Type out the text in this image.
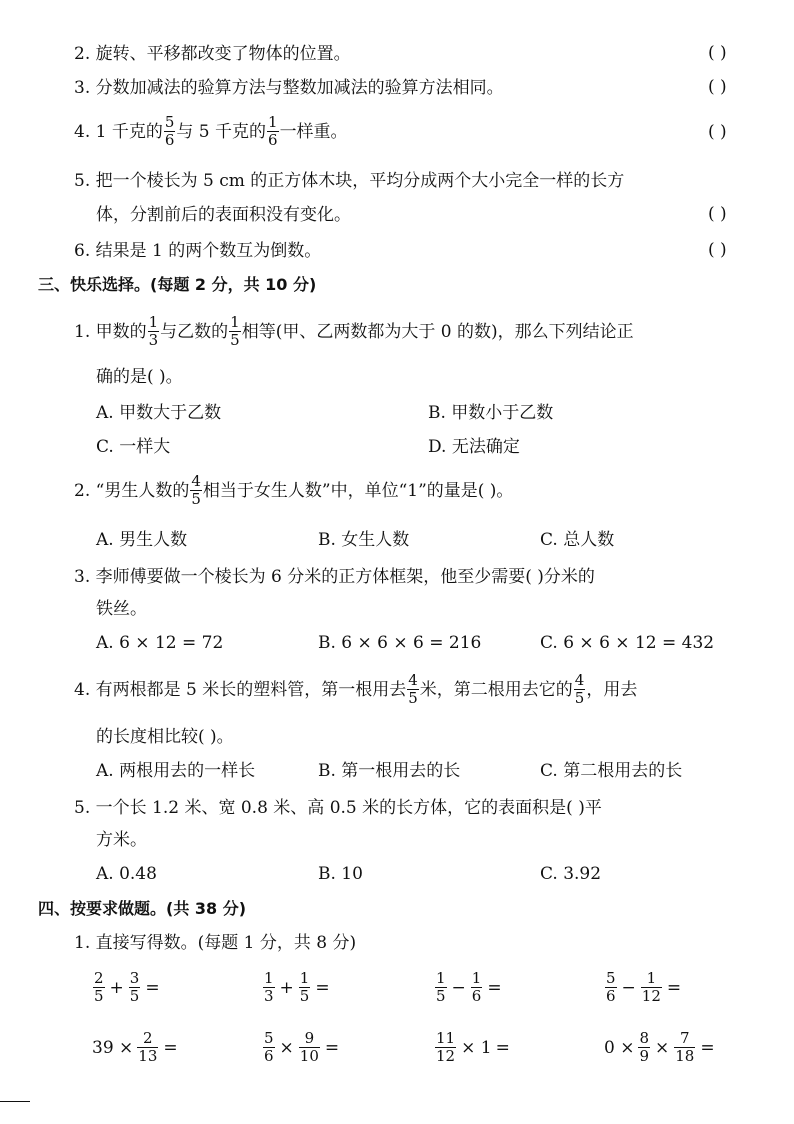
2. 旋转、平移都改变了物体的位置。	( )
3. 分数加减法的验算方法与整数加减法的验算方法相同。	( )
4. 1 千克的 $\frac{5}{6}$ 与 5 千克的 $\frac{1}{6}$ 一样重。	( )
5. 把一个棱长为 5 cm 的正方体木块，平均分成两个大小完全一样的长方
体，分割前后的表面积没有变化。	( )
6. 结果是 1 的两个数互为倒数。	( )
三、快乐选择。(每题 2 分，共 10 分)
1. 甲数的 $\frac{1}{3}$ 与乙数的 $\frac{1}{5}$ 相等(甲、乙两数都为大于 0 的数)，那么下列结论正
确的是( )。
A. 甲数大于乙数	B. 甲数小于乙数
C. 一样大	D. 无法确定
2. “男生人数的 $\frac{4}{5}$ 相当于女生人数”中，单位“1”的量是( )。
A. 男生人数	B. 女生人数	C. 总人数
3. 李师傅要做一个棱长为 6 分米的正方体框架，他至少需要( )分米的
铁丝。
A. 6 × 12 = 72	B. 6 × 6 × 6 = 216	C. 6 × 6 × 12 = 432
4. 有两根都是 5 米长的塑料管，第一根用去 $\frac{4}{5}$ 米，第二根用去它的 $\frac{4}{5}$ ，用去
的长度相比较( )。
A. 两根用去的一样长	B. 第一根用去的长	C. 第二根用去的长
5. 一个长 1.2 米、宽 0.8 米、高 0.5 米的长方体，它的表面积是( )平
方米。
A. 0.48	B. 10	C. 3.92
四、按要求做题。(共 38 分)
1. 直接写得数。(每题 1 分，共 8 分)
$\frac{2}{5} + \frac{3}{5}$ =	$\frac{1}{3} + \frac{1}{5}$ =	$\frac{1}{5} - \frac{1}{6}$ =	$\frac{5}{6} - \frac{1}{12}$ =
$39 \times \frac{2}{13}$ =	$\frac{5}{6} \times \frac{9}{10}$ =	$\frac{11}{12} \times 1$ =	$0 \times \frac{8}{9} \times \frac{7}{18}$ =
